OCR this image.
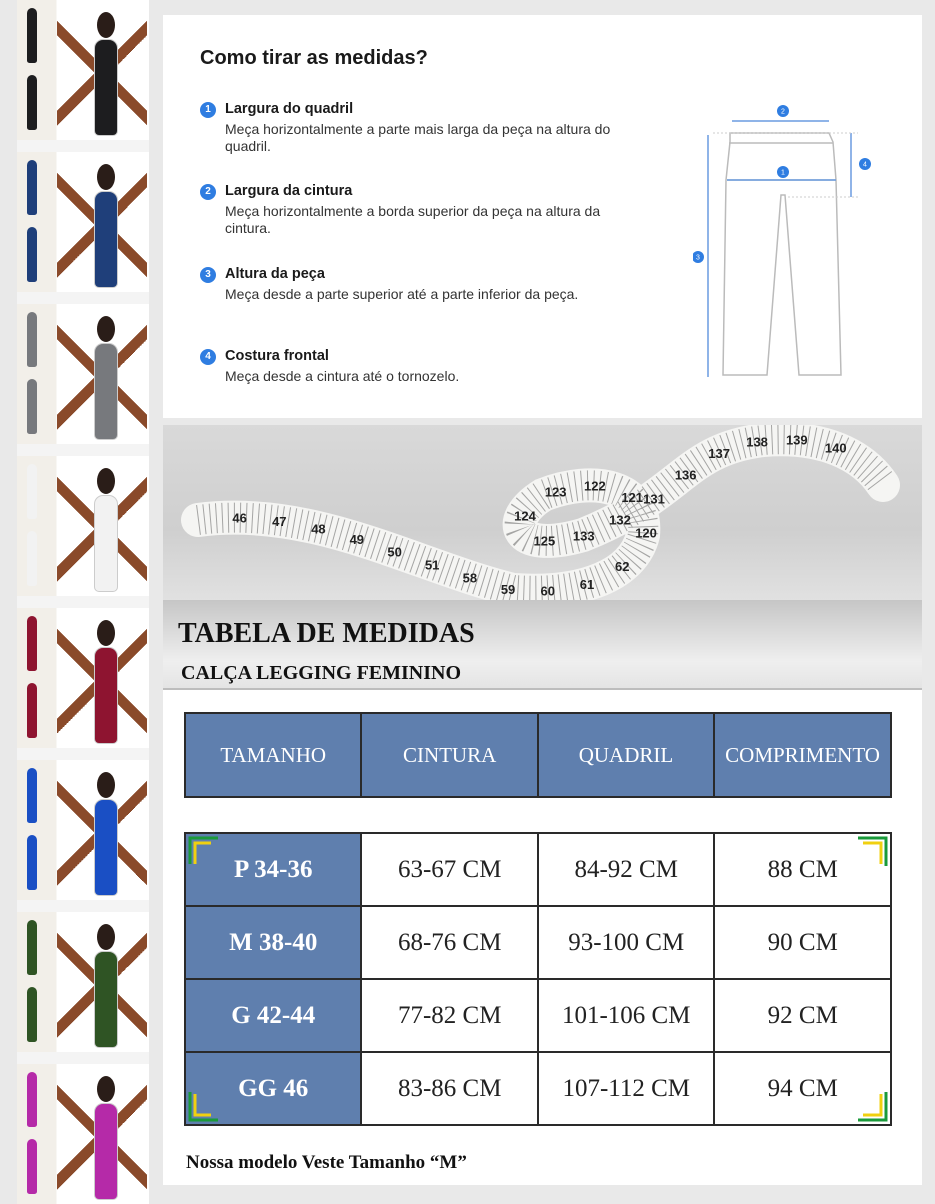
Como tirar as medidas?
1 Largura do quadril
Meça horizontalmente a parte mais larga da peça na altura do quadril.
2 Largura da cintura
Meça horizontalmente a borda superior da peça na altura da cintura.
3 Altura da peça
Meça desde a parte superior até a parte inferior da peça.
4 Costura frontal
Meça desde a cintura até o tornozelo.
2
1
3
4
46 47 48
49
50
51
58
59 60 61
62
120
121
122
123
124
125 133
132
131
136
137
138 139
140
TABELA DE MEDIDAS
CALÇA LEGGING FEMININO
TAMANHO	CINTURA	QUADRIL	COMPRIMENTO
P 34-36	63-67 CM	84-92 CM	88 CM
M 38-40	68-76 CM	93-100 CM	90 CM
G 42-44	77-82 CM	101-106 CM	92 CM

GG 46	83-86 CM	107-112 CM	94 CM
Nossa modelo Veste Tamanho “M”
